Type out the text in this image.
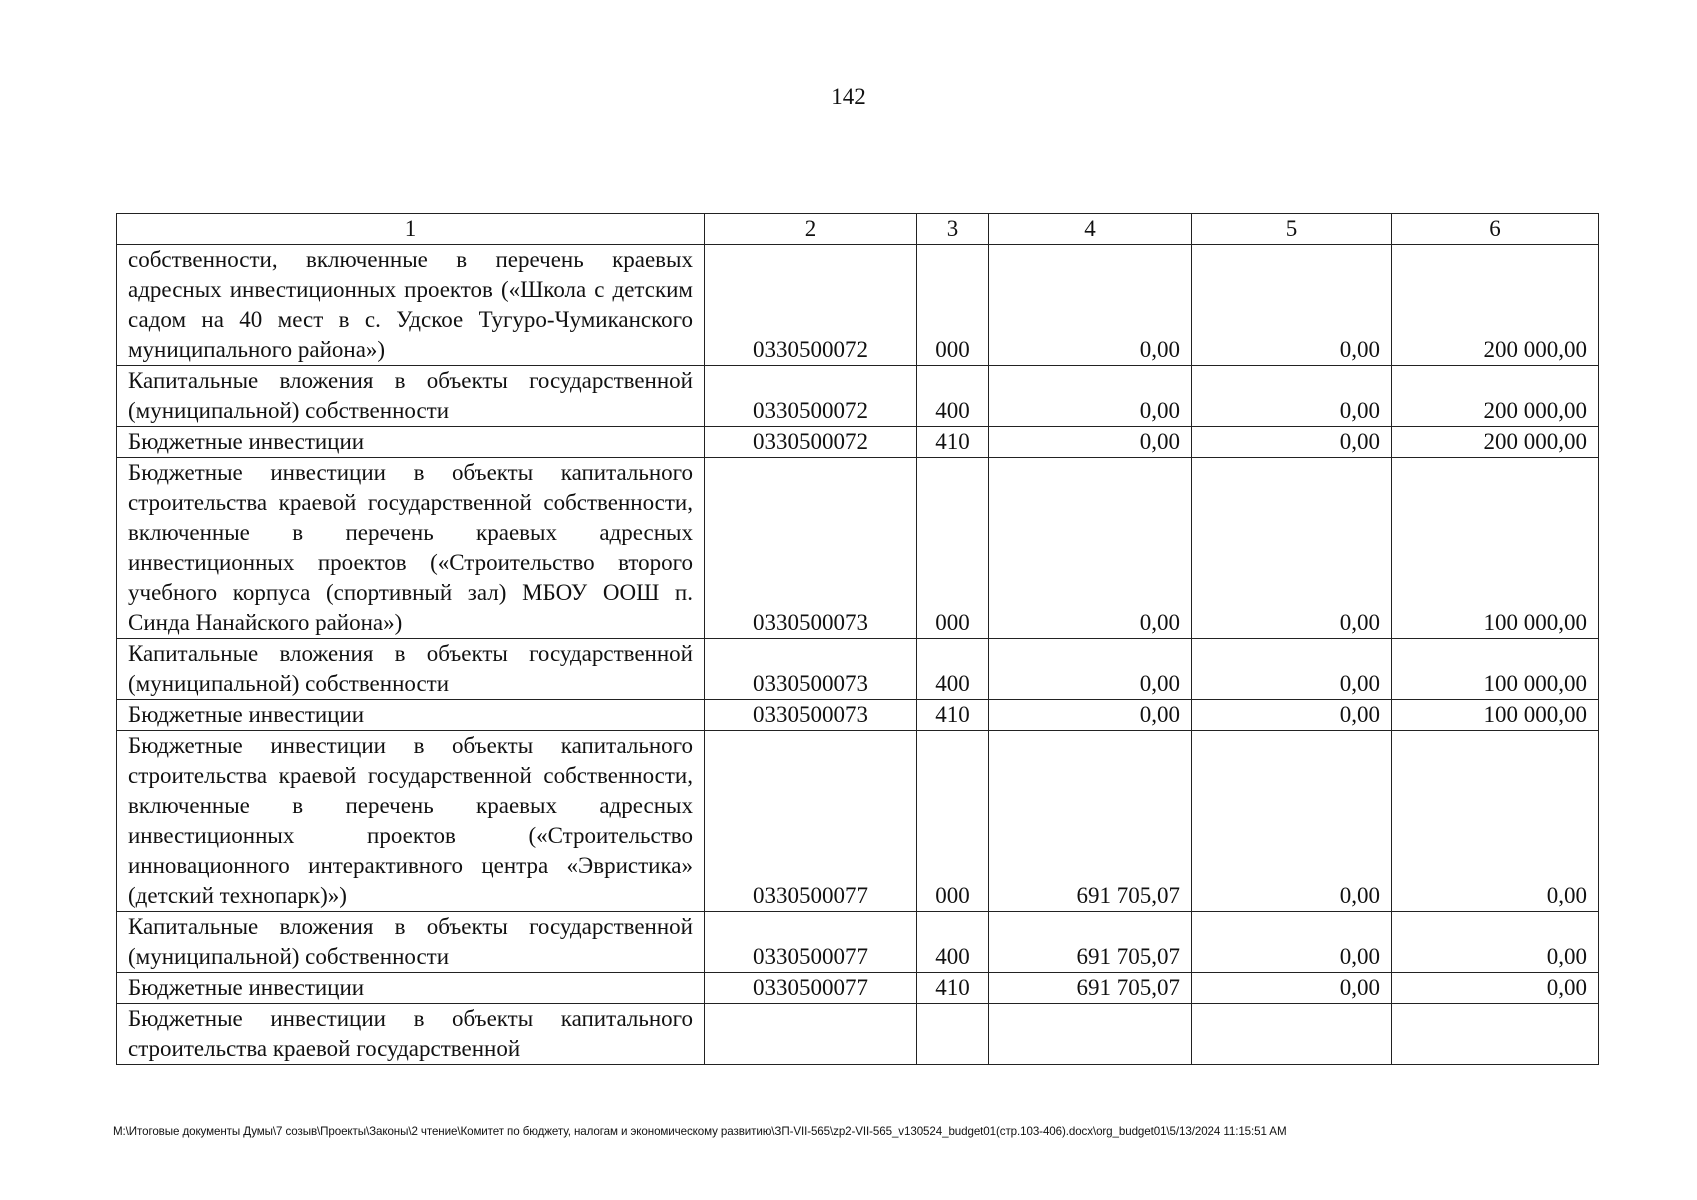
142
1	2	3	4	5	6
собственности, включенные в перечень краевых адресных инвестиционных проектов («Школа с детским садом на 40 мест в с. Удское Тугуро-Чумиканского муниципального района»)	0330500072	000	0,00	0,00	200 000,00
Капитальные вложения в объекты государственной (муниципальной) собственности	0330500072	400	0,00	0,00	200 000,00
Бюджетные инвестиции	0330500072	410	0,00	0,00	200 000,00
Бюджетные инвестиции в объекты капитального строительства краевой государственной собственности, включенные в перечень краевых адресных инвестиционных проектов («Строительство второго учебного корпуса (спортивный зал) МБОУ ООШ п. Синда Нанайского района»)	0330500073	000	0,00	0,00	100 000,00
Капитальные вложения в объекты государственной (муниципальной) собственности	0330500073	400	0,00	0,00	100 000,00
Бюджетные инвестиции	0330500073	410	0,00	0,00	100 000,00
Бюджетные инвестиции в объекты капитального строительства краевой государственной собственности, включенные в перечень краевых адресных инвестиционных проектов («Строительство инновационного интерактивного центра «Эвристика» (детский технопарк)»)	0330500077	000	691 705,07	0,00	0,00
Капитальные вложения в объекты государственной (муниципальной) собственности	0330500077	400	691 705,07	0,00	0,00
Бюджетные инвестиции	0330500077	410	691 705,07	0,00	0,00
Бюджетные инвестиции в объекты капитального строительства краевой государственной					
M:\Итоговые документы Думы\7 созыв\Проекты\Законы\2 чтение\Комитет по бюджету, налогам и экономическому развитию\ЗП-VII-565\zp2-VII-565_v130524_budget01(стр.103-406).docx\org_budget01\5/13/2024 11:15:51 AM
